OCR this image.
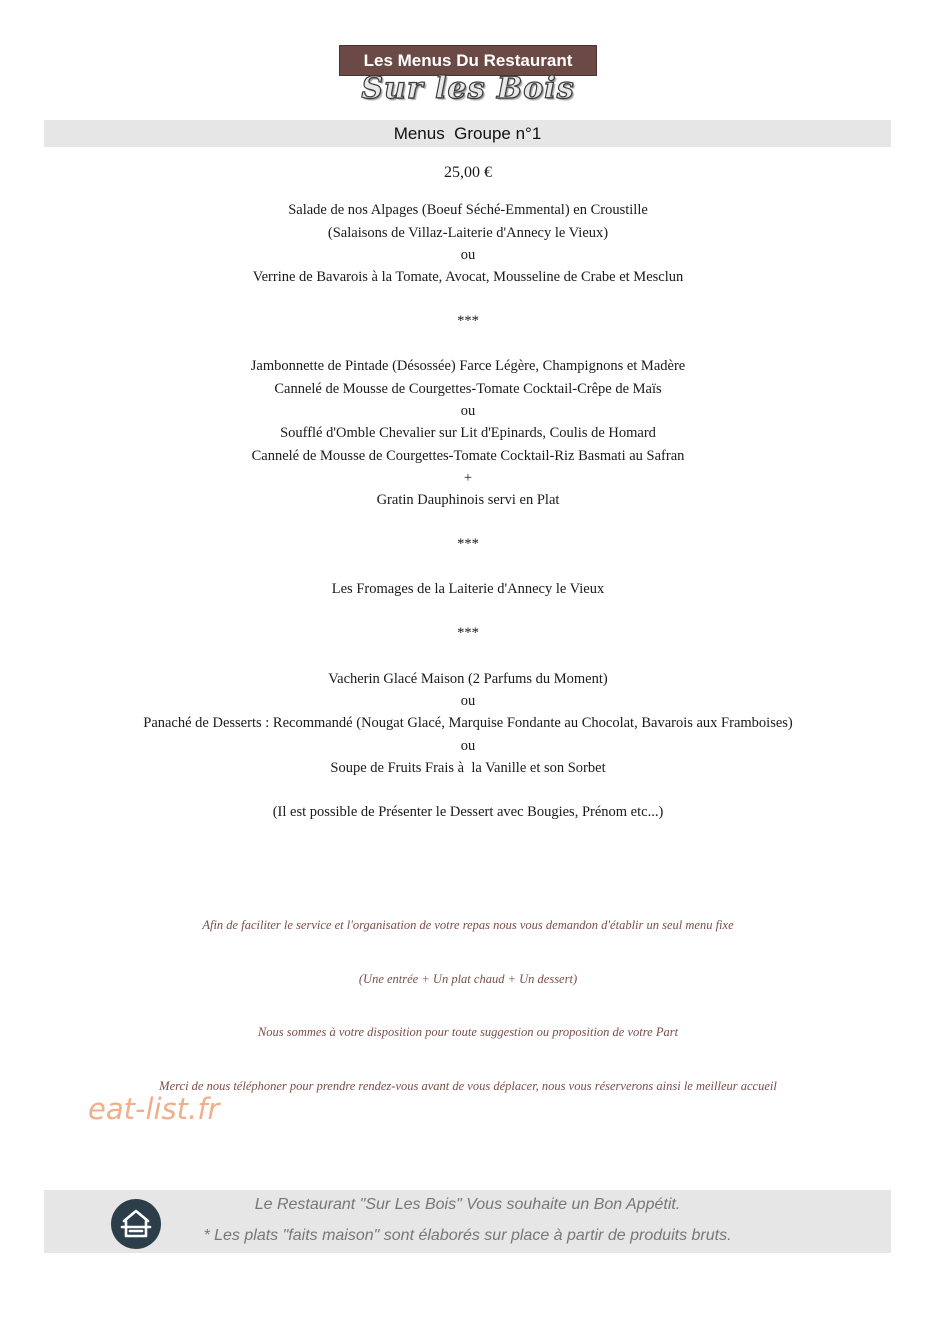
Les Menus Du Restaurant
Sur les Bois
Menus  Groupe n°1
25,00 €
Salade de nos Alpages (Boeuf Séché-Emmental) en Croustille
(Salaisons de Villaz-Laiterie d'Annecy le Vieux)
ou
Verrine de Bavarois à la Tomate, Avocat, Mousseline de Crabe et Mesclun
***
Jambonnette de Pintade (Désossée) Farce Légère, Champignons et Madère
Cannelé de Mousse de Courgettes-Tomate Cocktail-Crêpe de Maïs
ou
Soufflé d'Omble Chevalier sur Lit d'Epinards, Coulis de Homard
Cannelé de Mousse de Courgettes-Tomate Cocktail-Riz Basmati au Safran
+
Gratin Dauphinois servi en Plat
***
Les Fromages de la Laiterie d'Annecy le Vieux
***
Vacherin Glacé Maison (2 Parfums du Moment)
ou
Panaché de Desserts : Recommandé (Nougat Glacé, Marquise Fondante au Chocolat, Bavarois aux Framboises)
ou
Soupe de Fruits Frais à  la Vanille et son Sorbet
(Il est possible de Présenter le Dessert avec Bougies, Prénom etc...)
Afin de faciliter le service et l'organisation de votre repas nous vous demandon d'établir un seul menu fixe
(Une entrée + Un plat chaud + Un dessert)
Nous sommes à votre disposition pour toute suggestion ou proposition de votre Part
Merci de nous téléphoner pour prendre rendez-vous avant de vous déplacer, nous vous réserverons ainsi le meilleur accueil
eat-list.fr
Le Restaurant "Sur Les Bois" Vous souhaite un Bon Appétit.
* Les plats "faits maison" sont élaborés sur place à partir de produits bruts.
